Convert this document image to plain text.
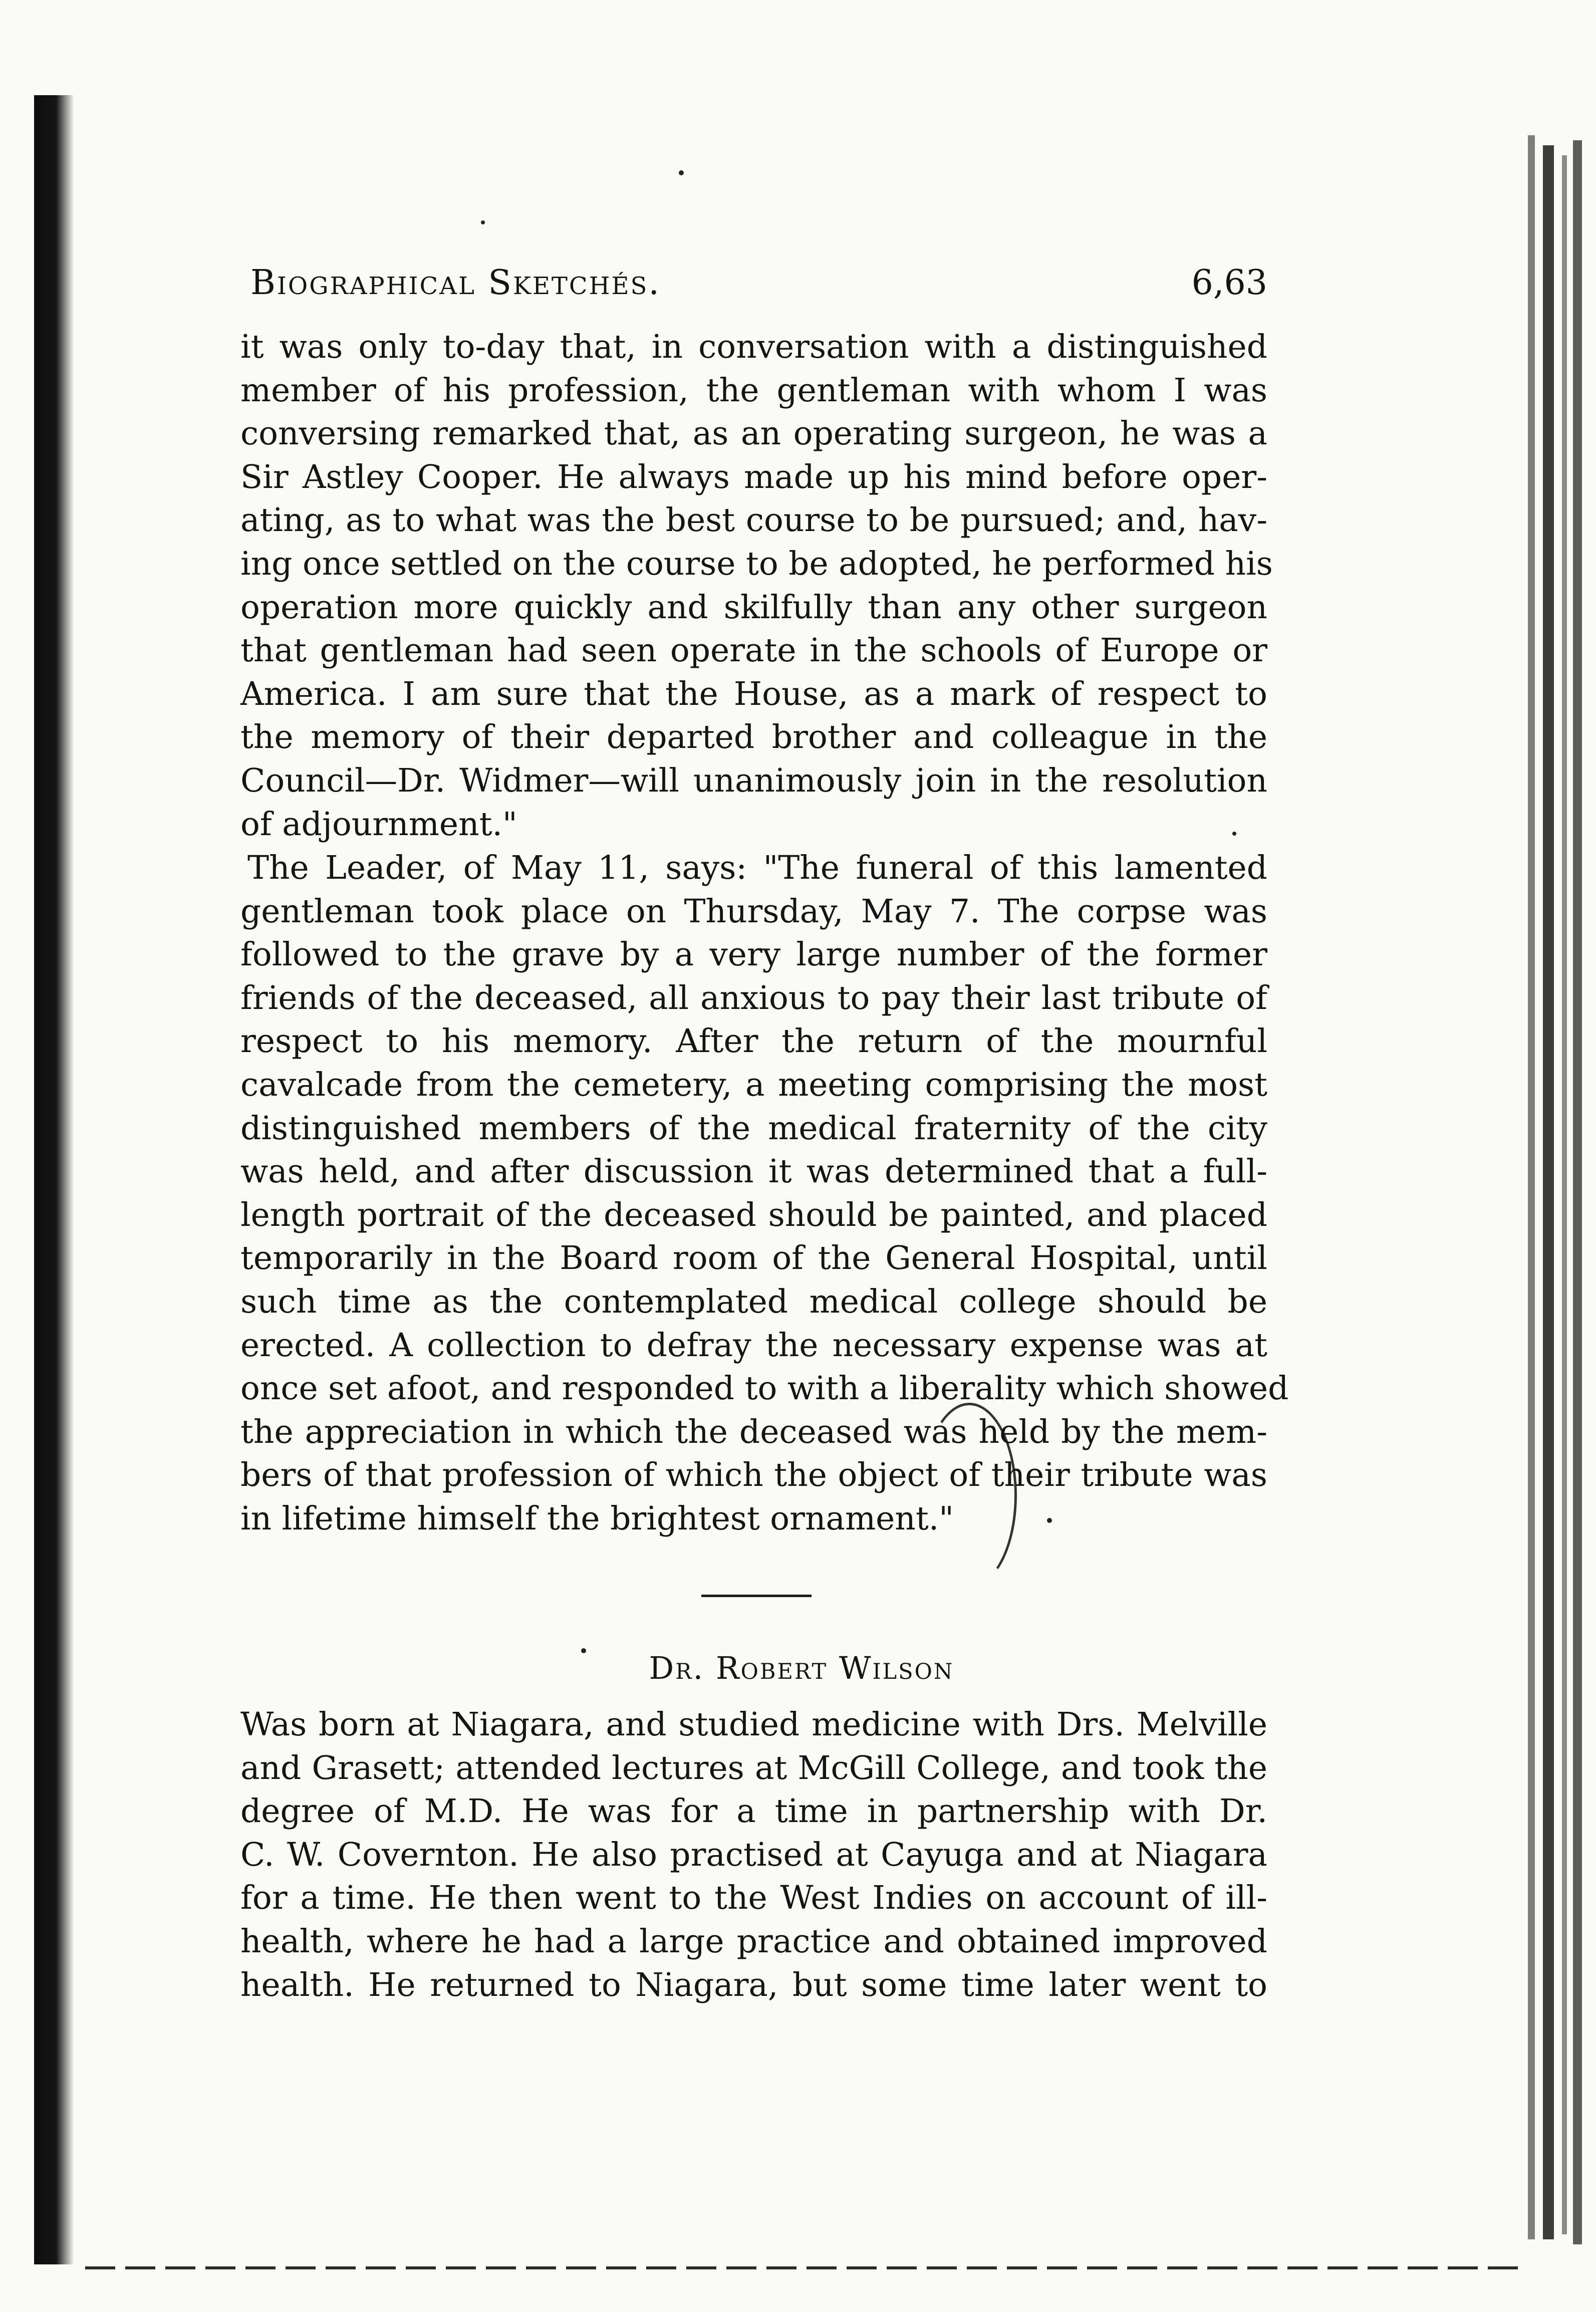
Biographical Sketchés.	6,63
it was only to-day that, in conversation with a distinguished
member of his profession, the gentleman with whom I was
conversing remarked that, as an operating surgeon, he was a
Sir Astley Cooper. He always made up his mind before oper-
ating, as to what was the best course to be pursued; and, hav-
ing once settled on the course to be adopted, he performed his
operation more quickly and skilfully than any other surgeon
that gentleman had seen operate in the schools of Europe or
America. I am sure that the House, as a mark of respect to
the memory of their departed brother and colleague in the
Council—Dr. Widmer—will unanimously join in the resolution
of adjournment."
The Leader, of May 11, says: "The funeral of this lamented
gentleman took place on Thursday, May 7. The corpse was
followed to the grave by a very large number of the former
friends of the deceased, all anxious to pay their last tribute of
respect to his memory. After the return of the mournful
cavalcade from the cemetery, a meeting comprising the most
distinguished members of the medical fraternity of the city
was held, and after discussion it was determined that a full-
length portrait of the deceased should be painted, and placed
temporarily in the Board room of the General Hospital, until
such time as the contemplated medical college should be
erected. A collection to defray the necessary expense was at
once set afoot, and responded to with a liberality which showed
the appreciation in which the deceased was held by the mem-
bers of that profession of which the object of their tribute was
in lifetime himself the brightest ornament."
Dr. Robert Wilson
Was born at Niagara, and studied medicine with Drs. Melville
and Grasett; attended lectures at McGill College, and took the
degree of M.D. He was for a time in partnership with Dr.
C. W. Covernton. He also practised at Cayuga and at Niagara
for a time. He then went to the West Indies on account of ill-
health, where he had a large practice and obtained improved
health. He returned to Niagara, but some time later went to
